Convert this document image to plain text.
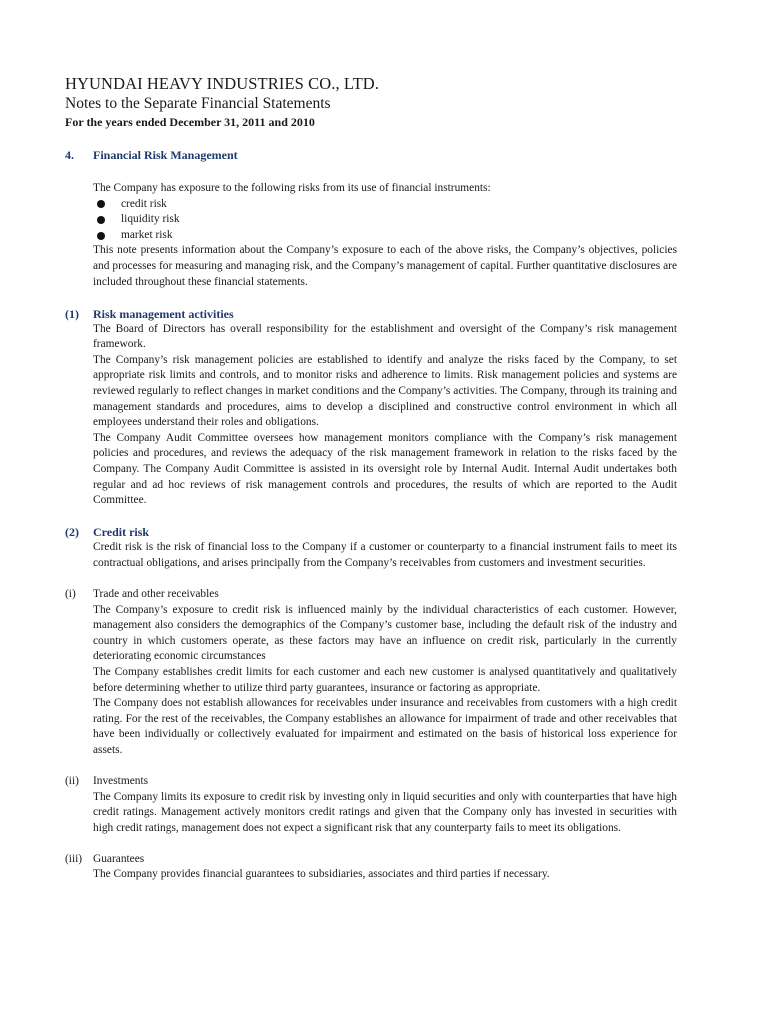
HYUNDAI HEAVY INDUSTRIES CO., LTD.
Notes to the Separate Financial Statements
For the years ended December 31, 2011 and 2010
4.	Financial Risk Management

The Company has exposure to the following risks from its use of financial instruments:

credit risk
liquidity risk
market risk

This note presents information about the Company’s exposure to each of the above risks, the Company’s objectives, policies and processes for measuring and managing risk, and the Company’s management of capital. Further quantitative disclosures are included throughout these financial statements.

(1)	Risk management activities

The Board of Directors has overall responsibility for the establishment and oversight of the Company’s risk management framework.

The Company’s risk management policies are established to identify and analyze the risks faced by the Company, to set appropriate risk limits and controls, and to monitor risks and adherence to limits. Risk management policies and systems are reviewed regularly to reflect changes in market conditions and the Company’s activities. The Company, through its training and management standards and procedures, aims to develop a disciplined and constructive control environment in which all employees understand their roles and obligations.

The Company Audit Committee oversees how management monitors compliance with the Company’s risk management policies and procedures, and reviews the adequacy of the risk management framework in relation to the risks faced by the Company. The Company Audit Committee is assisted in its oversight role by Internal Audit. Internal Audit undertakes both regular and ad hoc reviews of risk management controls and procedures, the results of which are reported to the Audit Committee.

(2)	Credit risk

Credit risk is the risk of financial loss to the Company if a customer or counterparty to a financial instrument fails to meet its contractual obligations, and arises principally from the Company’s receivables from customers and investment securities.

(i)	Trade and other receivables

The Company’s exposure to credit risk is influenced mainly by the individual characteristics of each customer. However, management also considers the demographics of the Company’s customer base, including the default risk of the industry and country in which customers operate, as these factors may have an influence on credit risk, particularly in the currently deteriorating economic circumstances

The Company establishes credit limits for each customer and each new customer is analysed quantitatively and qualitatively before determining whether to utilize third party guarantees, insurance or factoring as appropriate.

The Company does not establish allowances for receivables under insurance and receivables from customers with a high credit rating. For the rest of the receivables, the Company establishes an allowance for impairment of trade and other receivables that have been individually or collectively evaluated for impairment and estimated on the basis of historical loss experience for assets.

(ii)	Investments

The Company limits its exposure to credit risk by investing only in liquid securities and only with counterparties that have high credit ratings. Management actively monitors credit ratings and given that the Company only has invested in securities with high credit ratings, management does not expect a significant risk that any counterparty fails to meet its obligations.

(iii) Guarantees

The Company provides financial guarantees to subsidiaries, associates and third parties if necessary.
